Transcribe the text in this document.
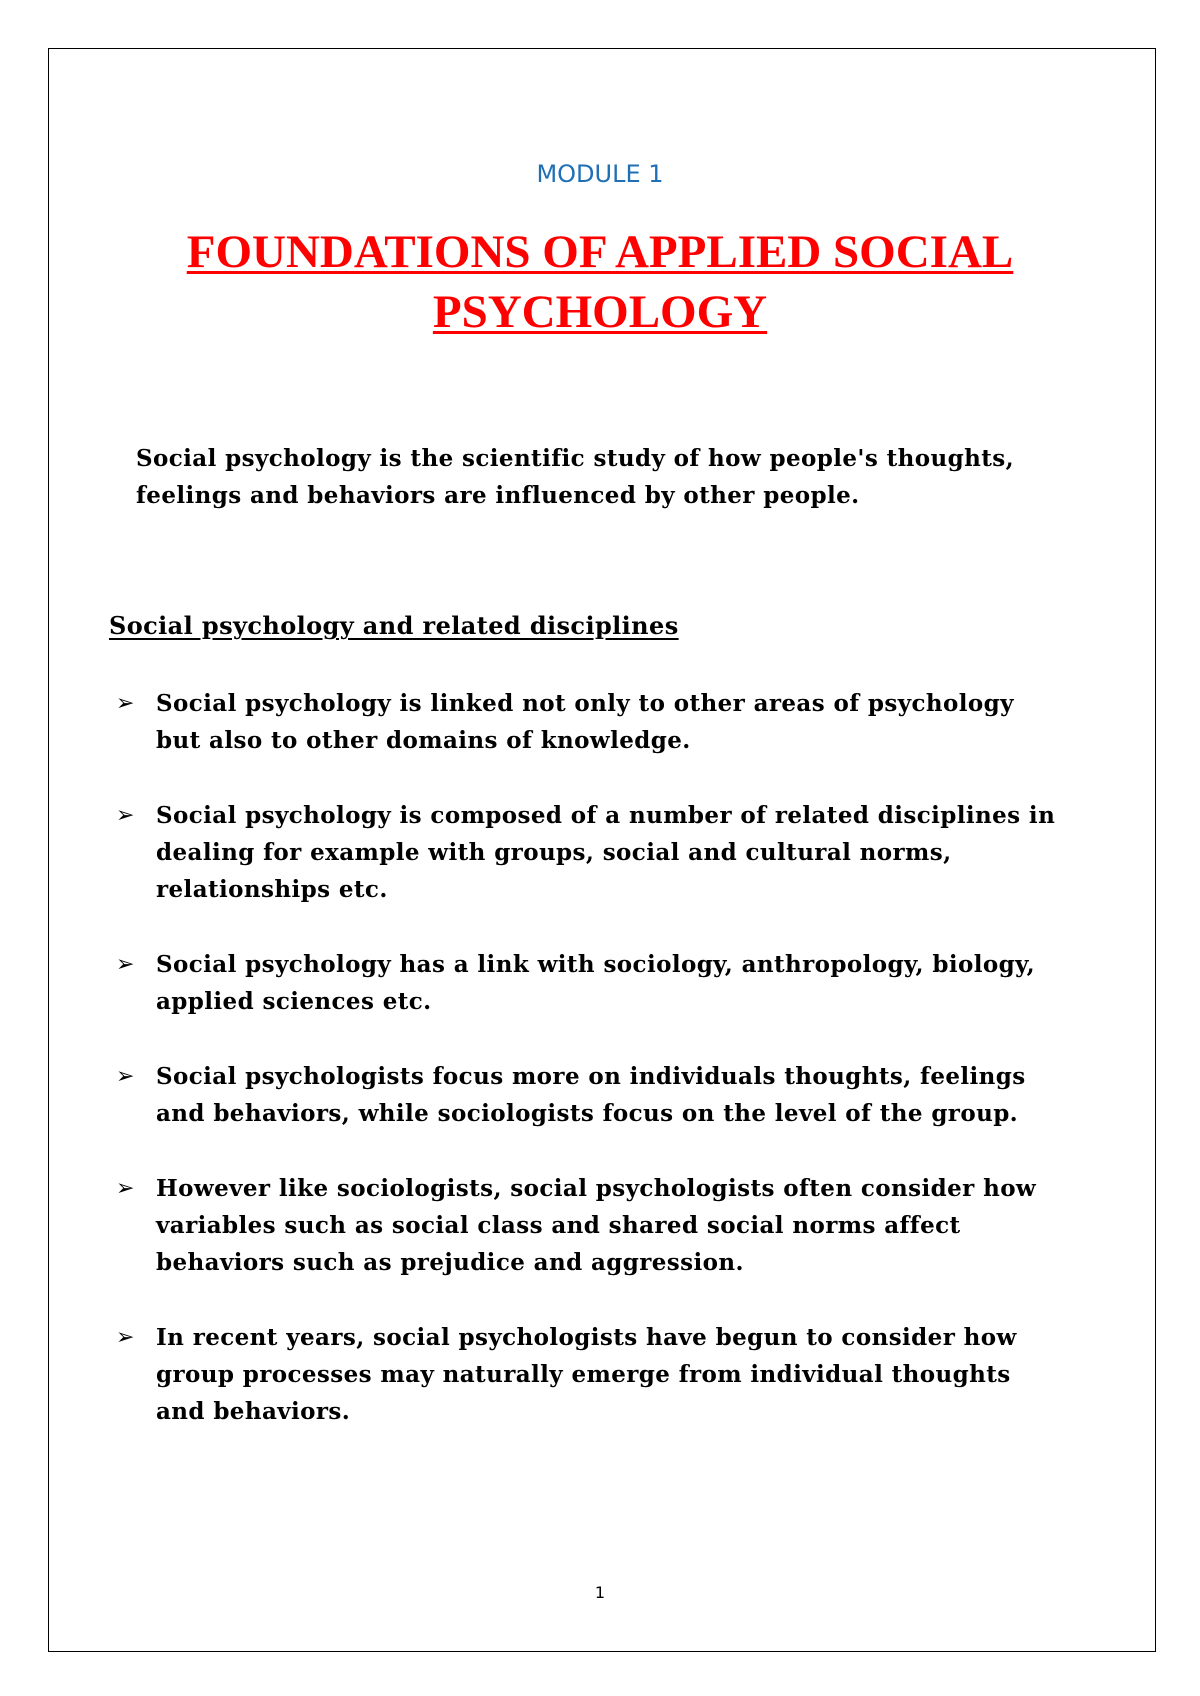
MODULE 1
FOUNDATIONS OF APPLIED SOCIAL PSYCHOLOGY
Social psychology is the scientific study of how people's thoughts, feelings and behaviors are influenced by other people.
Social psychology and related disciplines
➢ Social psychology is linked not only to other areas of psychology but also to other domains of knowledge.
➢ Social psychology is composed of a number of related disciplines in dealing for example with groups, social and cultural norms, relationships etc.
➢ Social psychology has a link with sociology, anthropology, biology, applied sciences etc.
➢ Social psychologists focus more on individuals thoughts, feelings and behaviors, while sociologists focus on the level of the group.
➢ However like sociologists, social psychologists often consider how variables such as social class and shared social norms affect behaviors such as prejudice and aggression.
➢ In recent years, social psychologists have begun to consider how group processes may naturally emerge from individual thoughts and behaviors.
1
